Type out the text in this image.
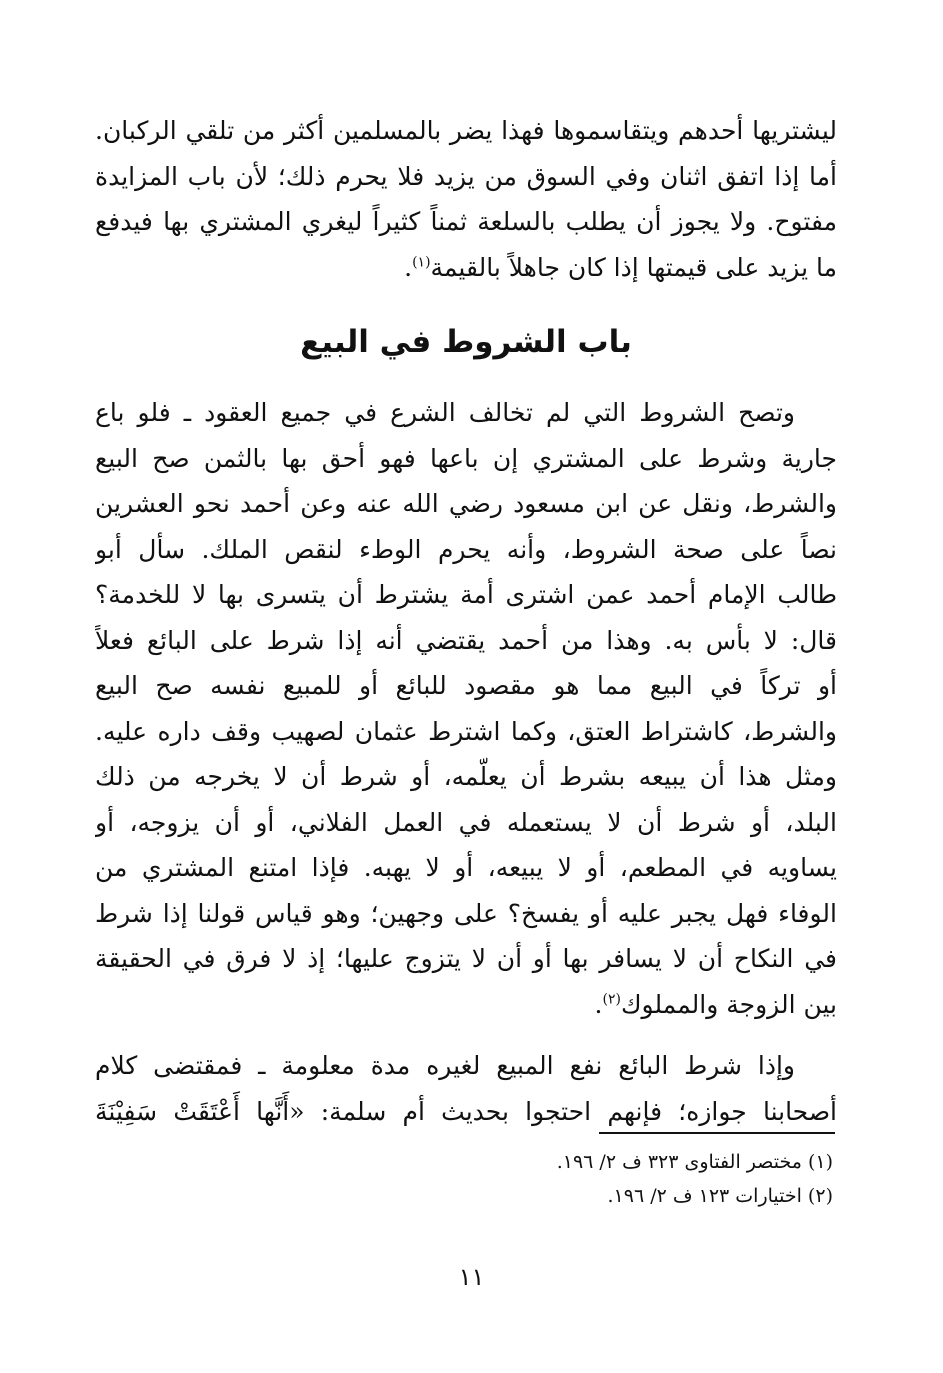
ليشتريها أحدهم ويتقاسموها فهذا يضر بالمسلمين أكثر من تلقي الركبان.
أما إذا اتفق اثنان وفي السوق من يزيد فلا يحرم ذلك؛ لأن باب المزايدة
مفتوح. ولا يجوز أن يطلب بالسلعة ثمناً كثيراً ليغري المشتري بها فيدفع
ما يزيد على قيمتها إذا كان جاهلاً بالقيمة$^{(١)}$.
باب الشروط في البيع
وتصح الشروط التي لم تخالف الشرع في جميع العقود ـ فلو باع
جارية وشرط على المشتري إن باعها فهو أحق بها بالثمن صح البيع
والشرط، ونقل عن ابن مسعود رضي الله عنه وعن أحمد نحو العشرين
نصاً على صحة الشروط، وأنه يحرم الوطء لنقص الملك. سأل أبو
طالب الإمام أحمد عمن اشترى أمة يشترط أن يتسرى بها لا للخدمة؟
قال: لا بأس به. وهذا من أحمد يقتضي أنه إذا شرط على البائع فعلاً
أو تركاً في البيع مما هو مقصود للبائع أو للمبيع نفسه صح البيع
والشرط، كاشتراط العتق، وكما اشترط عثمان لصهيب وقف داره عليه.
ومثل هذا أن يبيعه بشرط أن يعلّمه، أو شرط أن لا يخرجه من ذلك
البلد، أو شرط أن لا يستعمله في العمل الفلاني، أو أن يزوجه، أو
يساويه في المطعم، أو لا يبيعه، أو لا يهبه. فإذا امتنع المشتري من
الوفاء فهل يجبر عليه أو يفسخ؟ على وجهين؛ وهو قياس قولنا إذا شرط
في النكاح أن لا يسافر بها أو أن لا يتزوج عليها؛ إذ لا فرق في الحقيقة
بين الزوجة والمملوك$^{(٢)}$.
وإذا شرط البائع نفع المبيع لغيره مدة معلومة ـ فمقتضى كلام
أصحابنا جوازه؛ فإنهم احتجوا بحديث أم سلمة: «أَنَّها أَعْتَقَتْ سَفِيْنَةَ
(١) مختصر الفتاوى ٣٢٣ ف ٢/ ١٩٦.
(٢) اختيارات ١٢٣ ف ٢/ ١٩٦.
١١
